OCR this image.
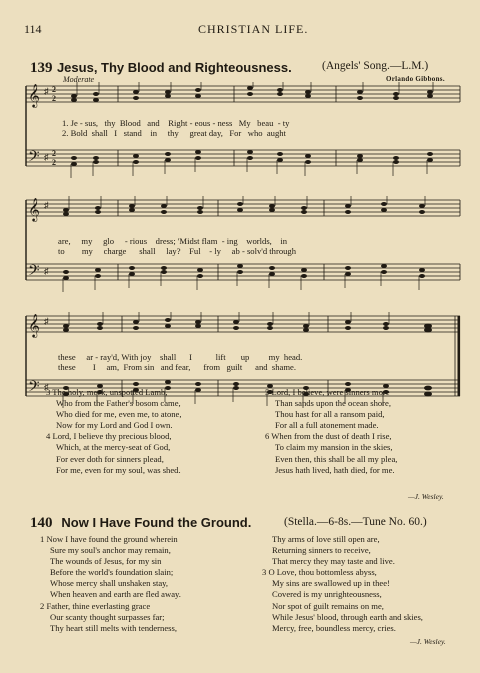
114	CHRISTIAN LIFE.
139 Jesus, Thy Blood and Righteousness.	(Angels' Song.—L.M.)
Moderate	Orlando Gibbons.
𝄞
𝄢
♯
♯
2
2
2
2
1. Je - sus, thy Blood and Right - eous - ness My beau - ty
2. Bold shall I stand in thy great day, For who aught
𝄞
𝄢
♯
♯
are, my glo - rious dress; 'Midst flam - ing worlds, in
to my charge shall lay? Ful - ly ab - solv'd through
𝄞
𝄢
♯
♯
these ar - ray'd, With joy shall I	lift up my head.
these I am, From sin and fear, from guilt and shame.
3 The holy, meek, unspotted Lamb,
Who from the Father's bosom came,
Who died for me, even me, to atone,
Now for my Lord and God I own.
4 Lord, I believe thy precious blood,
Which, at the mercy-seat of God,
For ever doth for sinners plead,
For me, even for my soul, was shed.
5 Lord, I believe, were sinners more
Than sands upon the ocean shore,
Thou hast for all a ransom paid,
For all a full atonement made.
6 When from the dust of death I rise,
To claim my mansion in the skies,
Even then, this shall be all my plea,
Jesus hath lived, hath died, for me.
—J. Wesley.
140 Now I Have Found the Ground.	(Stella.—6-8s.—Tune No. 60.)
1 Now I have found the ground wherein
Sure my soul's anchor may remain,
The wounds of Jesus, for my sin
Before the world's foundation slain;
Whose mercy shall unshaken stay,
When heaven and earth are fled away.
2 Father, thine everlasting grace
Our scanty thought surpasses far;
Thy heart still melts with tenderness,
Thy arms of love still open are,
Returning sinners to receive,
That mercy they may taste and live.
3 O Love, thou bottomless abyss,
My sins are swallowed up in thee!
Covered is my unrighteousness,
Nor spot of guilt remains on me,
While Jesus' blood, through earth and skies,
Mercy, free, boundless mercy, cries.
—J. Wesley.
